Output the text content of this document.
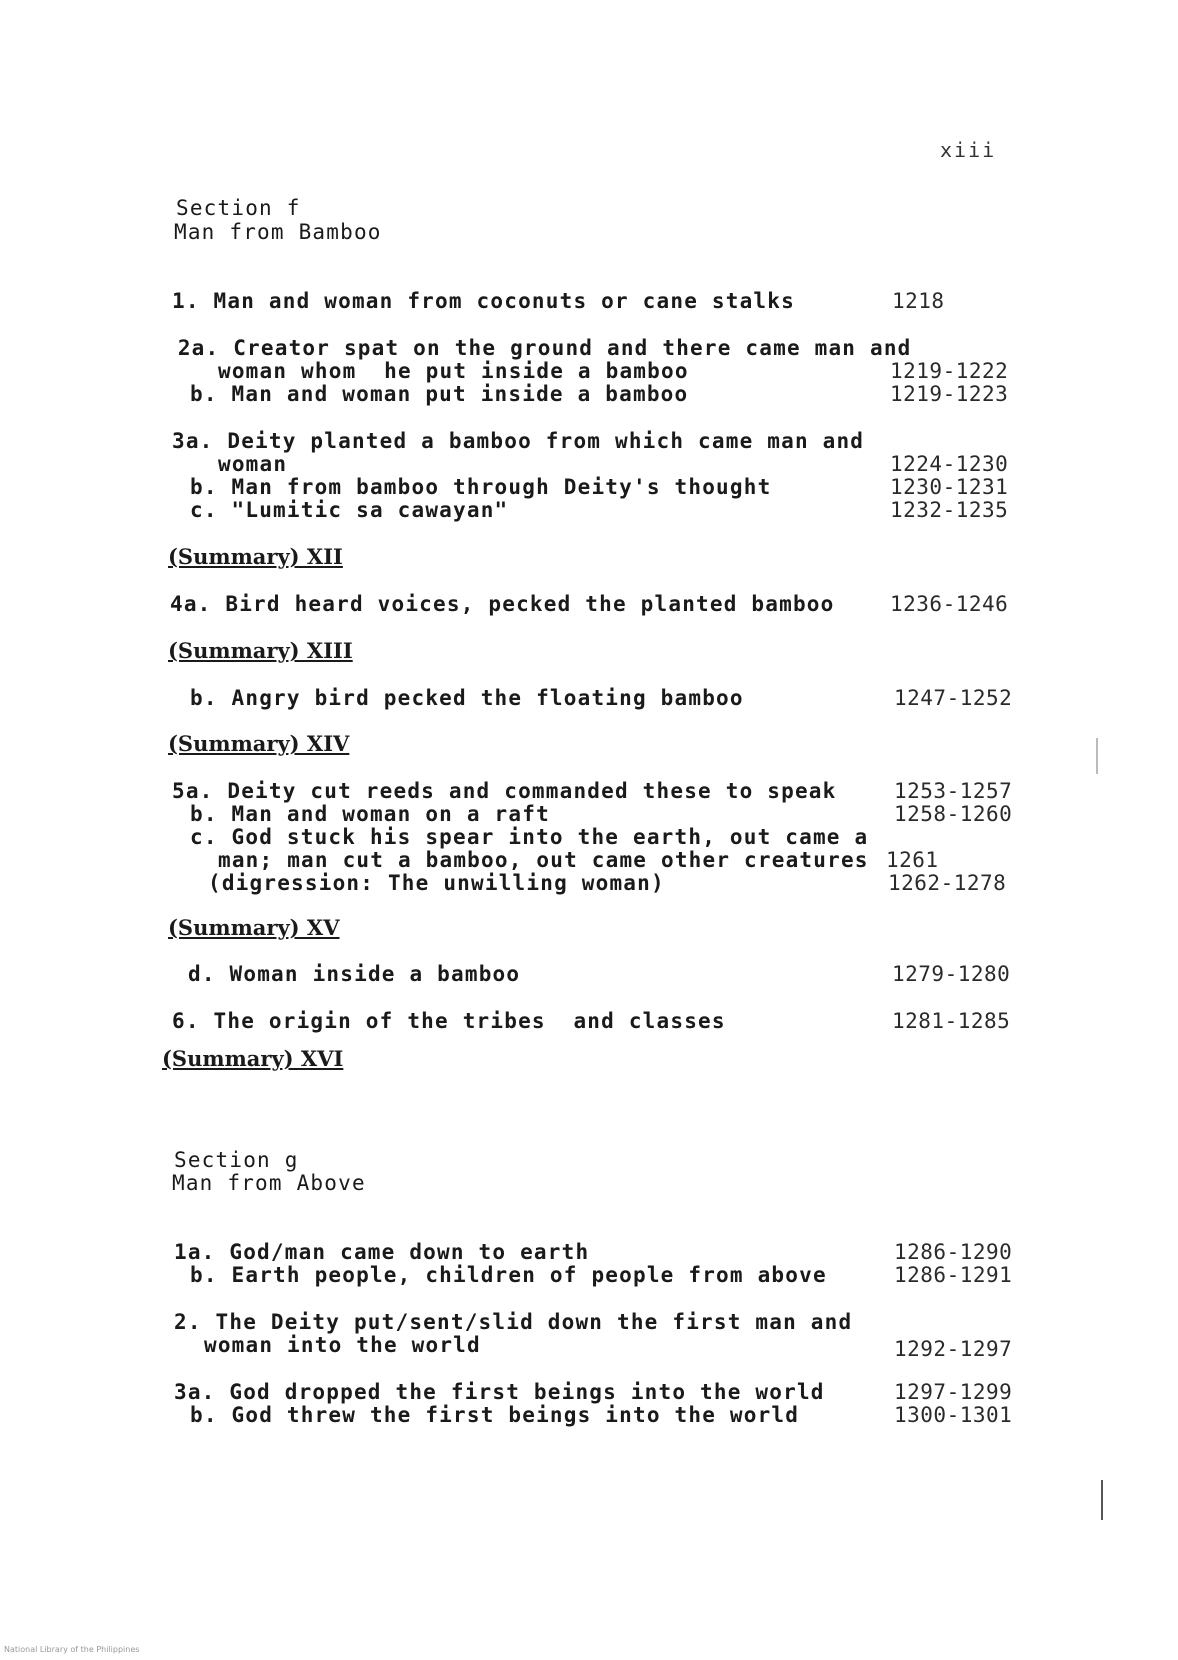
xiii
Section f
Man from Bamboo
1. Man and woman from coconuts or cane stalks	1218
2a. Creator spat on the ground and there came man and
woman whom  he put inside a bamboo	1219-1222
b. Man and woman put inside a bamboo	1219-1223
3a. Deity planted a bamboo from which came man and
woman	1224-1230
b. Man from bamboo through Deity's thought	1230-1231
c. "Lumitic sa cawayan"	1232-1235
(Summary) XII
4a. Bird heard voices, pecked the planted bamboo	1236-1246
(Summary) XIII
b. Angry bird pecked the floating bamboo	1247-1252
(Summary) XIV
5a. Deity cut reeds and commanded these to speak	1253-1257
b. Man and woman on a raft	1258-1260
c. God stuck his spear into the earth, out came a
man; man cut a bamboo, out came other creatures 1261
(digression: The unwilling woman)	1262-1278
(Summary) XV
d. Woman inside a bamboo	1279-1280
6. The origin of the tribes  and classes	1281-1285
(Summary) XVI
Section g
Man from Above
1a. God/man came down to earth	1286-1290
b. Earth people, children of people from above	1286-1291
2. The Deity put/sent/slid down the first man and
woman into the world	1292-1297
3a. God dropped the first beings into the world	1297-1299
b. God threw the first beings into the world	1300-1301
National Library of the Philippines
